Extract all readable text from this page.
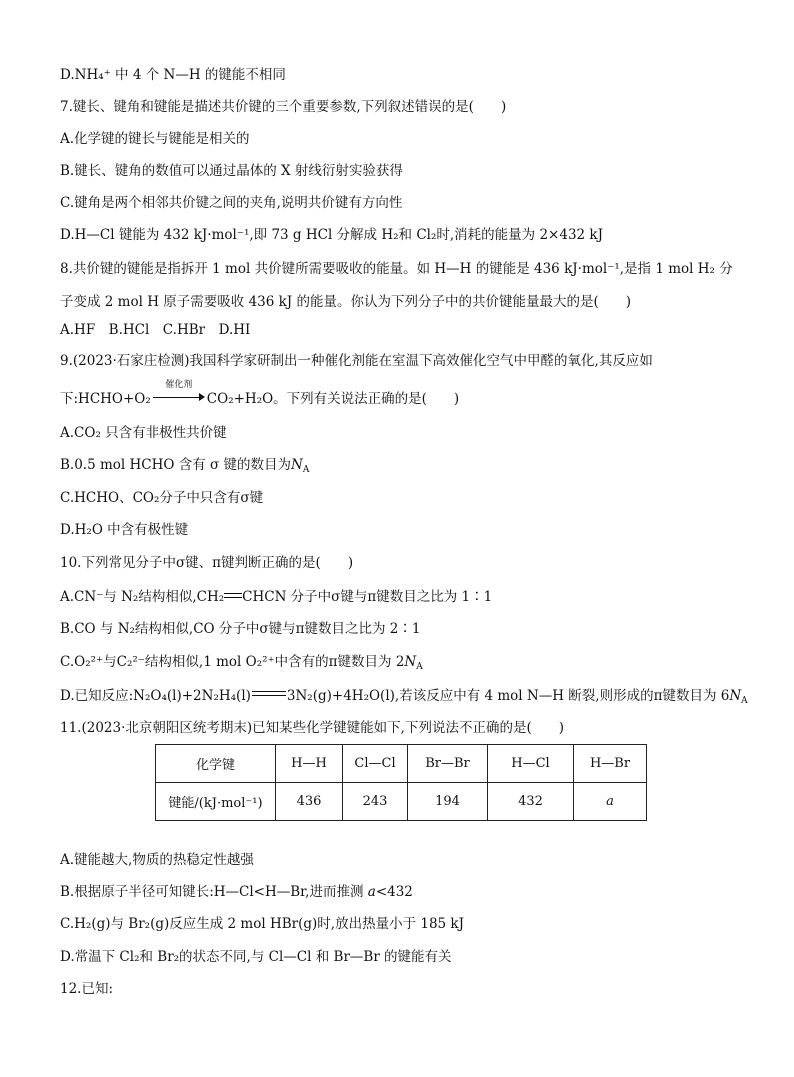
D.NH₄⁺ 中 4 个 N—H 的键能不相同
7.键长、键角和键能是描述共价键的三个重要参数,下列叙述错误的是(　　)
A.化学键的键长与键能是相关的
B.键长、键角的数值可以通过晶体的 X 射线衍射实验获得
C.键角是两个相邻共价键之间的夹角,说明共价键有方向性
D.H—Cl 键能为 432 kJ·mol⁻¹,即 73 g HCl 分解成 H₂和 Cl₂时,消耗的能量为 2×432 kJ
8.共价键的键能是指拆开 1 mol 共价键所需要吸收的能量。如 H—H 的键能是 436 kJ·mol⁻¹,是指 1 mol H₂ 分
子变成 2 mol H 原子需要吸收 436 kJ 的能量。你认为下列分子中的共价键能量最大的是(　　)
A.HF　B.HCl　C.HBr　D.HI
9.(2023·石家庄检测)我国科学家研制出一种催化剂能在室温下高效催化空气中甲醛的氧化,其反应如
下:HCHO+O₂
催化剂
CO₂+H₂O。下列有关说法正确的是(　　)
A.CO₂ 只含有非极性共价键
B.0.5 mol HCHO 含有 σ 键的数目为$N_A$
C.HCHO、CO₂分子中只含有σ键
D.H₂O 中含有极性键
10.下列常见分子中σ键、π键判断正确的是(　　)
A.CN⁻与 N₂结构相似,CH₂ CHCN 分子中σ键与π键数目之比为 1∶1
B.CO 与 N₂结构相似,CO 分子中σ键与π键数目之比为 2∶1
C.O₂²⁺与C₂²⁻结构相似,1 mol O₂²⁺中含有的π键数目为 $2N_A$
D.已知反应:N₂O₄(l)+2N₂H₄(l)	3N₂(g)+4H₂O(l),若该反应中有 4 mol N—H 断裂,则形成的π键数目为 $6N_A$
11.(2023·北京朝阳区统考期末)已知某些化学键键能如下,下列说法不正确的是(　　)
化学键	H—H	Cl—Cl	Br—Br	H—Cl	H—Br
键能/(kJ·mol⁻¹)	436	243	194	432	a
A.键能越大,物质的热稳定性越强
B.根据原子半径可知键长:H—Cl<H—Br,进而推测 a<432
C.H₂(g)与 Br₂(g)反应生成 2 mol HBr(g)时,放出热量小于 185 kJ
D.常温下 Cl₂和 Br₂的状态不同,与 Cl—Cl 和 Br—Br 的键能有关
12.已知:
